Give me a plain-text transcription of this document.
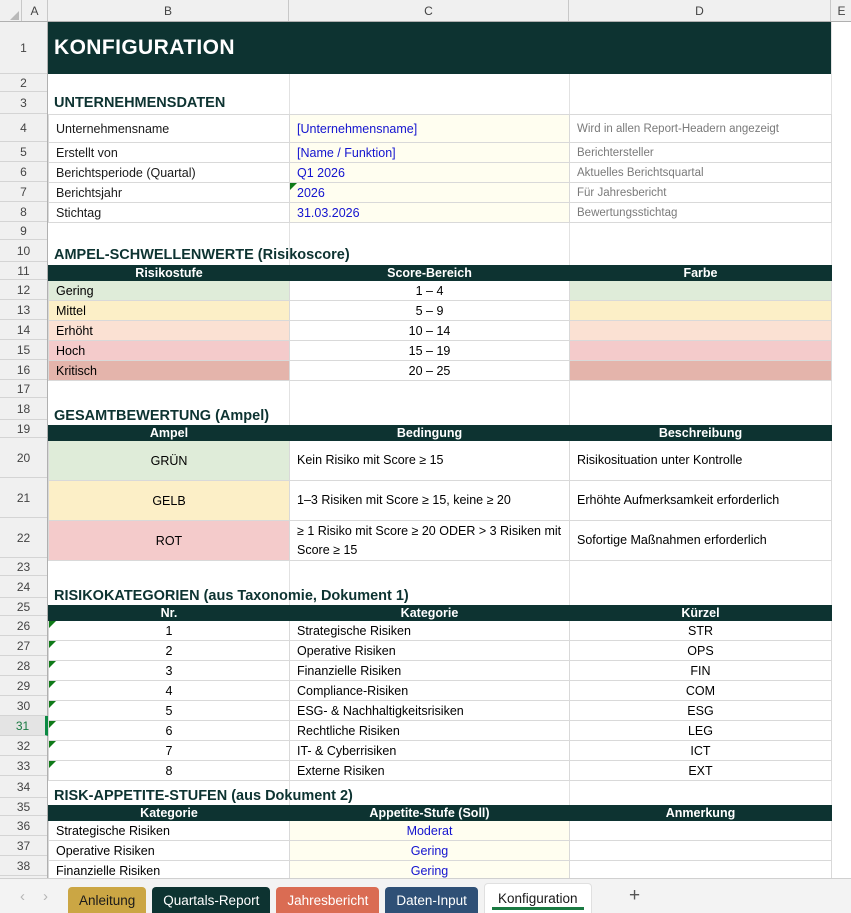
A	B	C	D	E
1
2
3
4
5
6
7
8
9
10
11
12
13
14
15
16
17
18
19
20
21
22
23
24
25
26
27
28
29
30
31
32
33
34
35
36
37
38
KONFIGURATION
UNTERNEHMENSDATEN
Unternehmensname	[Unternehmensname]	Wird in allen Report-Headern angezeigt
Erstellt von	[Name / Funktion]	Berichtersteller
Berichtsperiode (Quartal)	Q1 2026	Aktuelles Berichtsquartal
Berichtsjahr	2026	Für Jahresbericht
Stichtag	31.03.2026	Bewertungsstichtag
AMPEL-SCHWELLENWERTE (Risikoscore)
Risikostufe	Score-Bereich	Farbe
Gering	1 – 4	
Mittel	5 – 9	
Erhöht	10 – 14	
Hoch	15 – 19	
Kritisch	20 – 25	
GESAMTBEWERTUNG (Ampel)
Ampel	Bedingung	Beschreibung
GRÜN	Kein Risiko mit Score ≥ 15	Risikosituation unter Kontrolle
GELB	1–3 Risiken mit Score ≥ 15, keine ≥ 20	Erhöhte Aufmerksamkeit erforderlich
ROT	≥ 1 Risiko mit Score ≥ 20 ODER > 3 Risiken mit Score ≥ 15	Sofortige Maßnahmen erforderlich
RISIKOKATEGORIEN (aus Taxonomie, Dokument 1)
Nr.	Kategorie	Kürzel
1	Strategische Risiken	STR
2	Operative Risiken	OPS
3	Finanzielle Risiken	FIN
4	Compliance-Risiken	COM
5	ESG- & Nachhaltigkeitsrisiken	ESG
6	Rechtliche Risiken	LEG
7	IT- & Cyberrisiken	ICT
8	Externe Risiken	EXT
RISK-APPETITE-STUFEN (aus Dokument 2)
Kategorie	Appetite-Stufe (Soll)	Anmerkung
Strategische Risiken	Moderat	
Operative Risiken	Gering	
Finanzielle Risiken	Gering	
‹ › Anleitung Quartals-Report Jahresbericht Daten-Input Konfiguration	+
